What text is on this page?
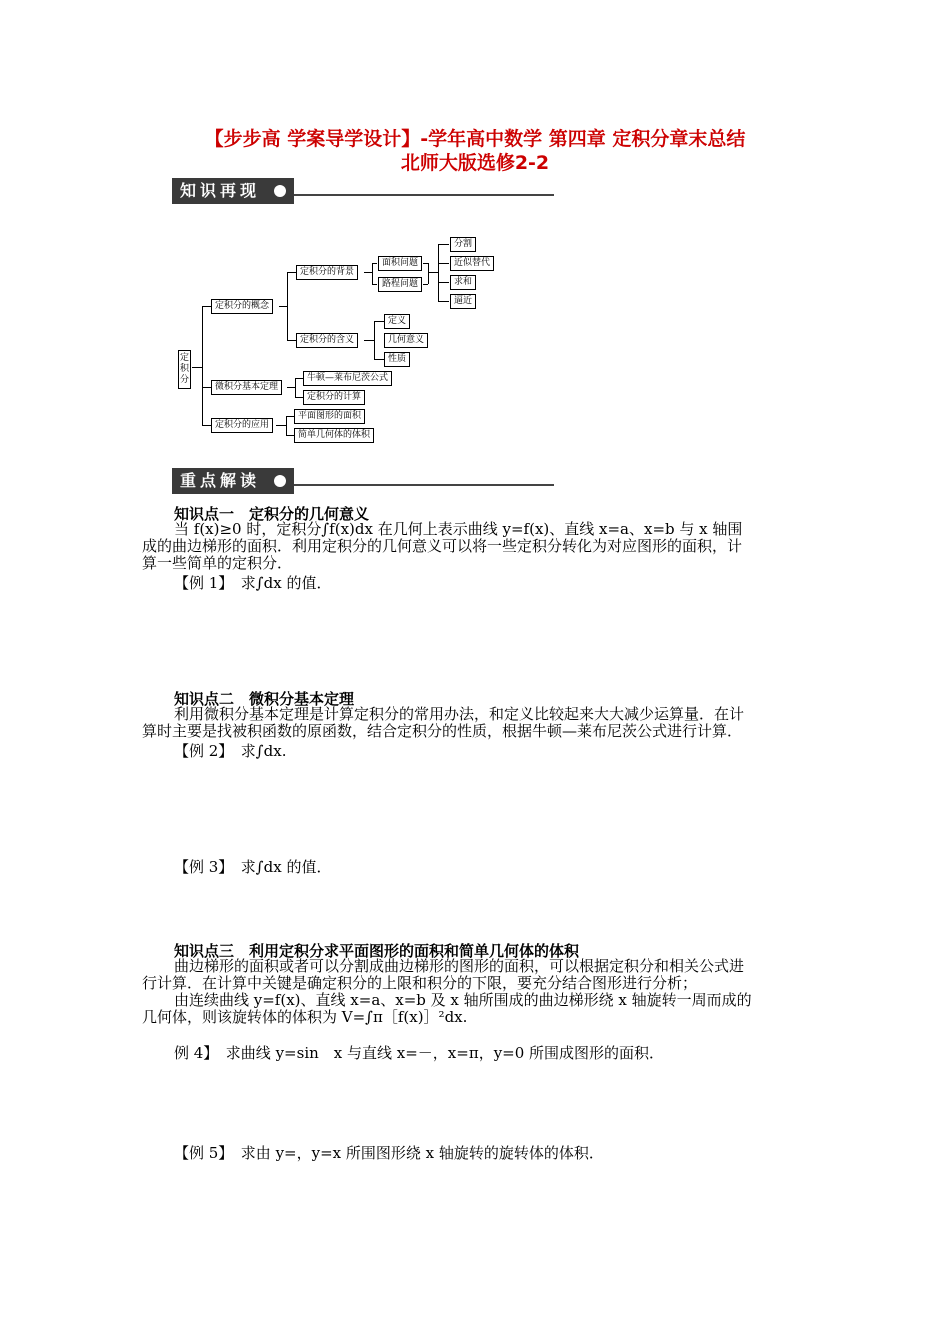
【步步高 学案导学设计】-学年高中数学 第四章 定积分章末总结
北师大版选修2-2
知识再现
定积分
定积分的概念
微积分基本定理
定积分的应用
定积分的背景
定积分的含义
面积问题
路程问题
分割
近似替代
求和
逼近
定义
几何意义
性质
牛顿—莱布尼茨公式
定积分的计算
平面图形的面积
简单几何体的体积
重点解读
知识点一　定积分的几何意义
当 f(x)≥0 时，定积分∫f(x)dx 在几何上表示曲线 y=f(x)、直线 x=a、x=b 与 x 轴围
成的曲边梯形的面积．利用定积分的几何意义可以将一些定积分转化为对应图形的面积，计
算一些简单的定积分．
【例 1】　求∫dx 的值．
知识点二　微积分基本定理
利用微积分基本定理是计算定积分的常用办法，和定义比较起来大大减少运算量．在计
算时主要是找被积函数的原函数，结合定积分的性质，根据牛顿—莱布尼茨公式进行计算．
【例 2】　求∫dx.
【例 3】　求∫dx 的值．
知识点三　利用定积分求平面图形的面积和简单几何体的体积
曲边梯形的面积或者可以分割成曲边梯形的图形的面积，可以根据定积分和相关公式进
行计算．在计算中关键是确定积分的上限和积分的下限，要充分结合图形进行分析；
由连续曲线 y=f(x)、直线 x=a、x=b 及 x 轴所围成的曲边梯形绕 x 轴旋转一周而成的
几何体，则该旋转体的体积为 V=∫π［f(x)］²dx.
例 4】　求曲线 y=sin　x 与直线 x=－，x=π，y=0 所围成图形的面积．
【例 5】　求由 y=，y=x 所围图形绕 x 轴旋转的旋转体的体积．
